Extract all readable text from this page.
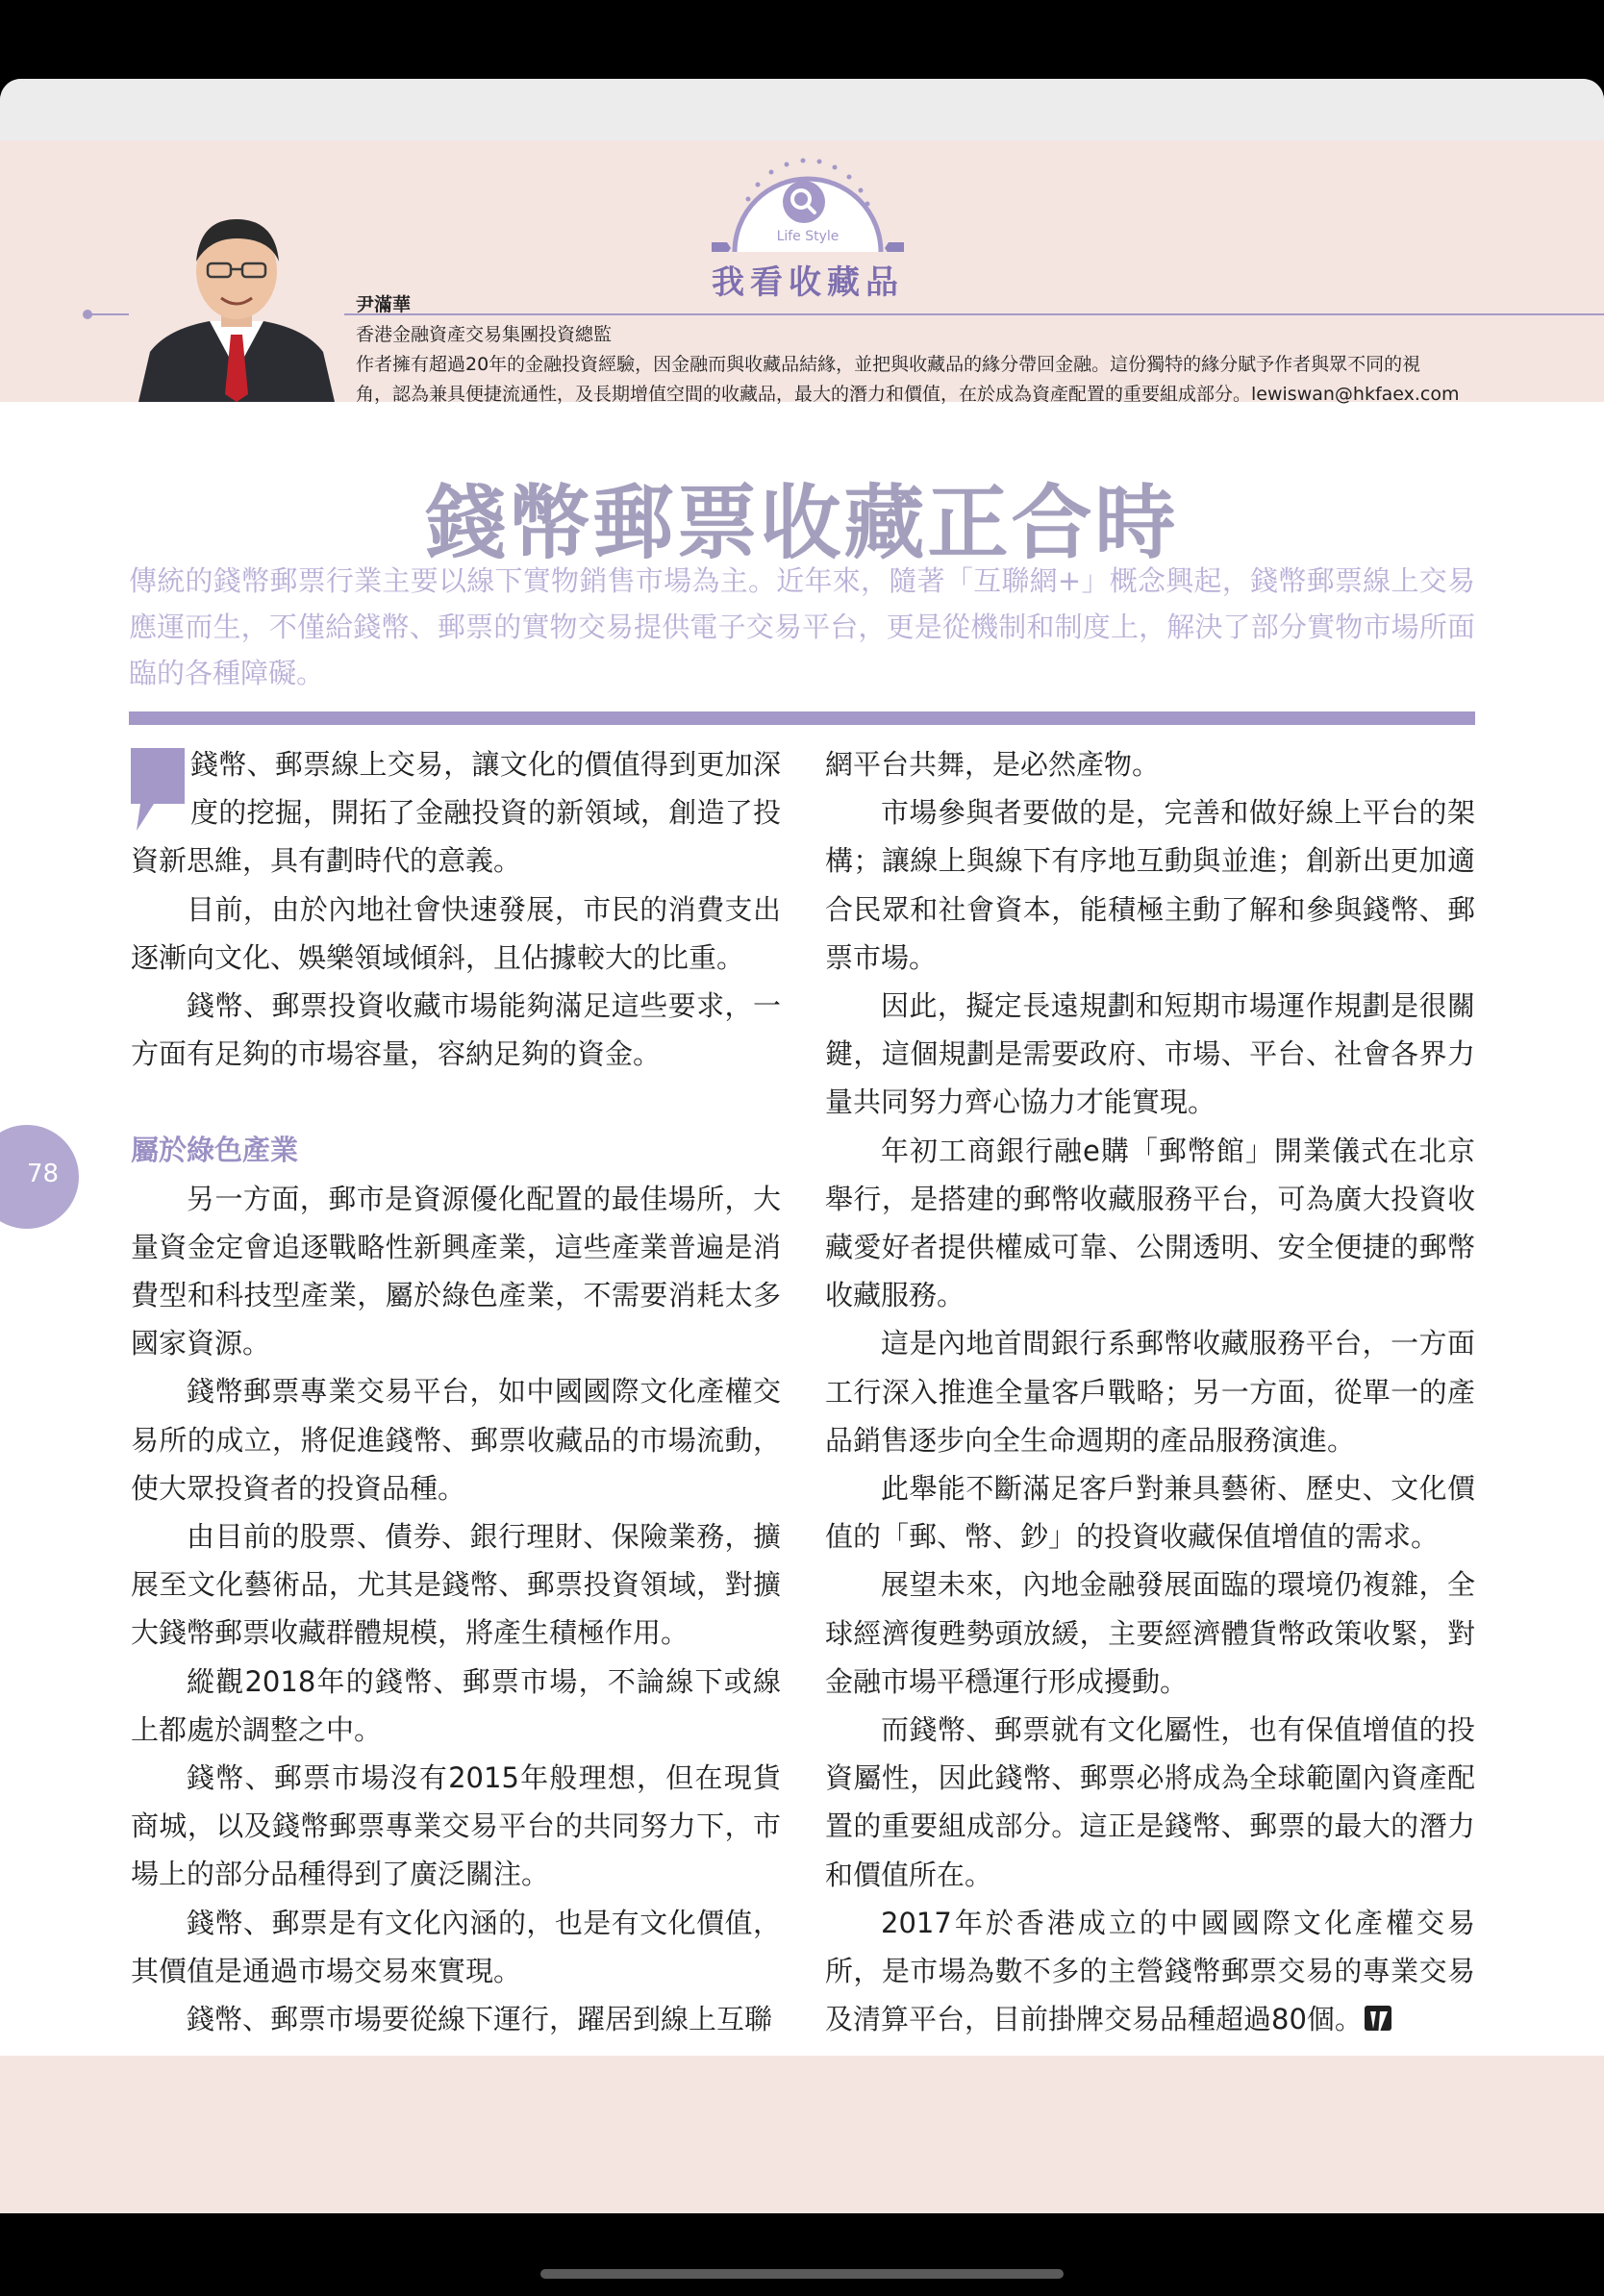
Life Style
我看收藏品
尹滿華
香港金融資產交易集團投資總監
作者擁有超過20年的金融投資經驗，因金融而與收藏品結緣，並把與收藏品的緣分帶回金融。這份獨特的緣分賦予作者與眾不同的視
角，認為兼具便捷流通性，及長期增值空間的收藏品，最大的潛力和價值，在於成為資產配置的重要組成部分。lewiswan@hkfaex.com
錢幣郵票收藏正合時

傳統的錢幣郵票行業主要以線下實物銷售市場為主。近年來，隨著「互聯網+」概念興起，錢幣郵票線上交易應運而生，不僅給錢幣、郵票的實物交易提供電子交易平台，更是從機制和制度上，解決了部分實物市場所面臨的各種障礙。

錢幣、郵票線上交易，讓文化的價值得到更加深度的挖掘，開拓了金融投資的新領域，創造了投資新思維，具有劃時代的意義。

目前，由於內地社會快速發展，市民的消費支出逐漸向文化、娛樂領域傾斜，且佔據較大的比重。

錢幣、郵票投資收藏市場能夠滿足這些要求，一方面有足夠的市場容量，容納足夠的資金。

屬於綠色產業

另一方面，郵市是資源優化配置的最佳場所，大量資金定會追逐戰略性新興產業，這些產業普遍是消費型和科技型產業，屬於綠色產業，不需要消耗太多國家資源。

錢幣郵票專業交易平台，如中國國際文化產權交易所的成立，將促進錢幣、郵票收藏品的市場流動，使大眾投資者的投資品種。

由目前的股票、債券、銀行理財、保險業務，擴展至文化藝術品，尤其是錢幣、郵票投資領域，對擴大錢幣郵票收藏群體規模，將產生積極作用。

縱觀2018年的錢幣、郵票市場，不論線下或線上都處於調整之中。

錢幣、郵票市場沒有2015年般理想，但在現貨商城，以及錢幣郵票專業交易平台的共同努力下，市場上的部分品種得到了廣泛關注。

錢幣、郵票是有文化內涵的，也是有文化價值，其價值是通過市場交易來實現。

錢幣、郵票市場要從線下運行，躍居到線上互聯

網平台共舞，是必然產物。

市場參與者要做的是，完善和做好線上平台的架構；讓線上與線下有序地互動與並進；創新出更加適合民眾和社會資本，能積極主動了解和參與錢幣、郵票市場。

因此，擬定長遠規劃和短期市場運作規劃是很關鍵，這個規劃是需要政府、市場、平台、社會各界力量共同努力齊心協力才能實現。

年初工商銀行融e購「郵幣館」開業儀式在北京舉行，是搭建的郵幣收藏服務平台，可為廣大投資收藏愛好者提供權威可靠、公開透明、安全便捷的郵幣收藏服務。

這是內地首間銀行系郵幣收藏服務平台，一方面工行深入推進全量客戶戰略；另一方面，從單一的產品銷售逐步向全生命週期的產品服務演進。

此舉能不斷滿足客戶對兼具藝術、歷史、文化價值的「郵、幣、鈔」的投資收藏保值增值的需求。

展望未來，內地金融發展面臨的環境仍複雜，全球經濟復甦勢頭放緩，主要經濟體貨幣政策收緊，對金融市場平穩運行形成擾動。

而錢幣、郵票就有文化屬性，也有保值增值的投資屬性，因此錢幣、郵票必將成為全球範圍內資產配置的重要組成部分。這正是錢幣、郵票的最大的潛力和價值所在。

2017年於香港成立的中國國際文化產權交易所，是市場為數不多的主營錢幣郵票交易的專業交易及清算平台，目前掛牌交易品種超過80個。

78
